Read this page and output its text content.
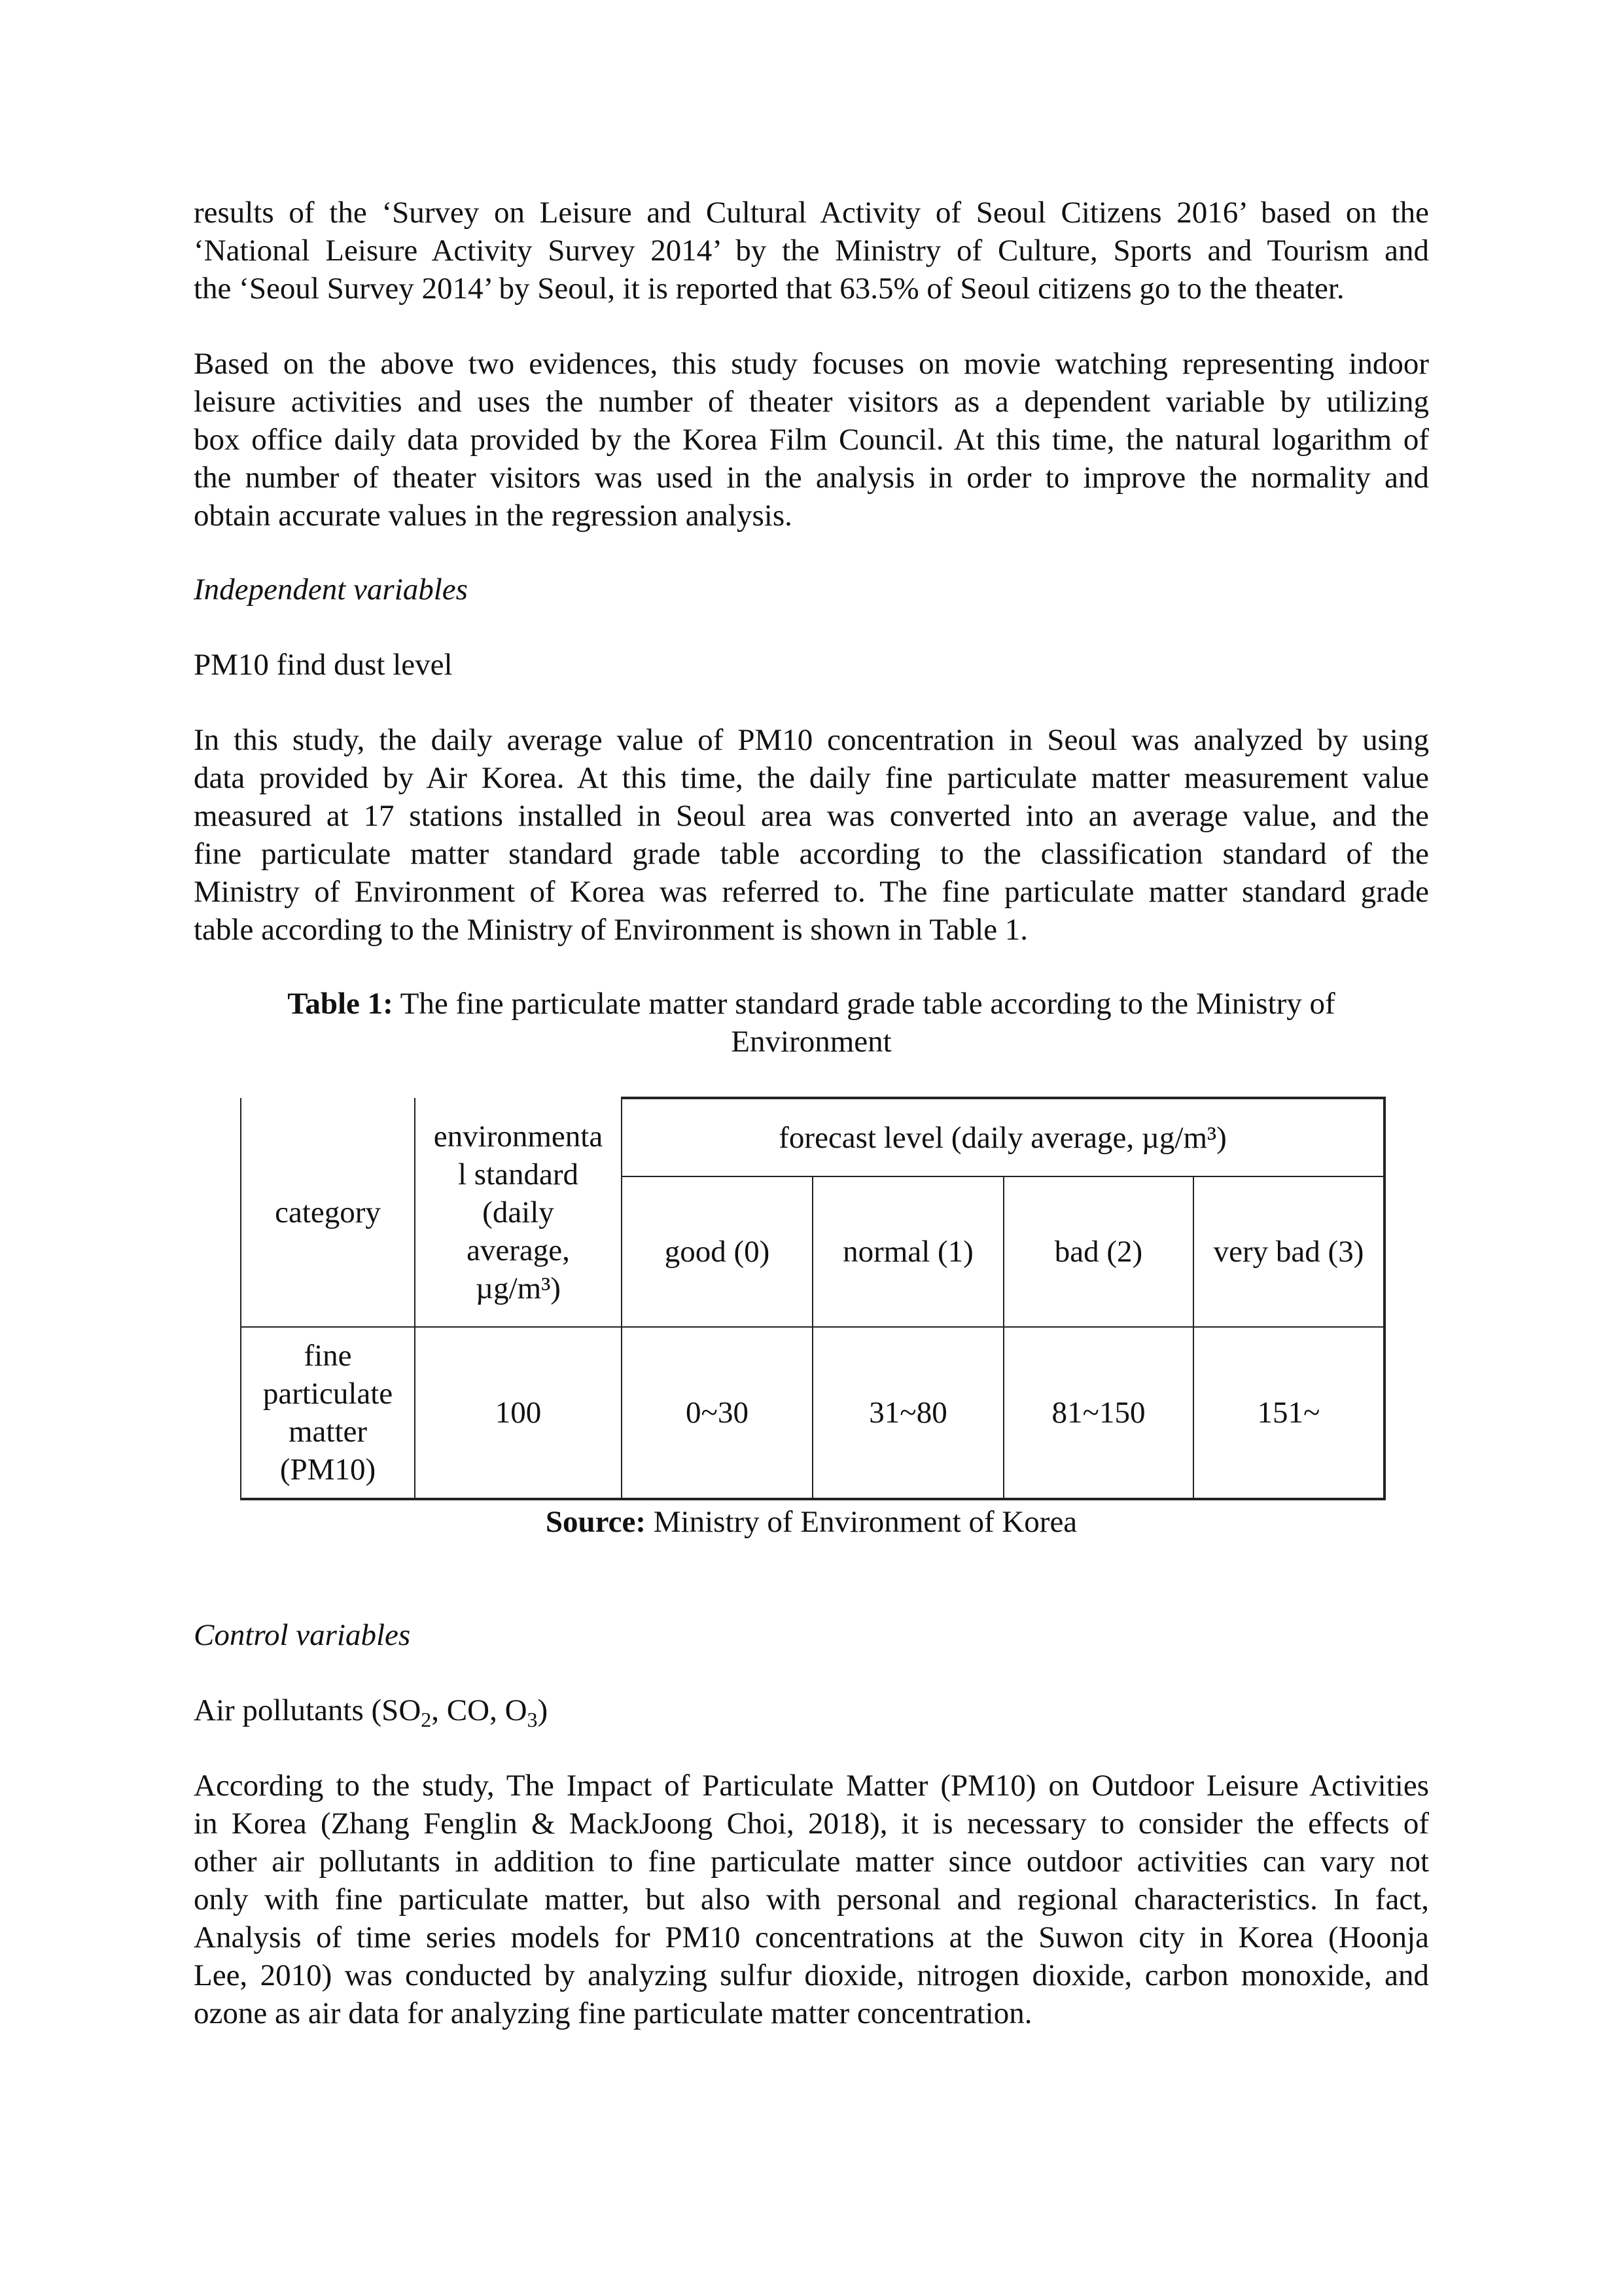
results of the ‘Survey on Leisure and Cultural Activity of Seoul Citizens 2016’ based on the
‘National Leisure Activity Survey 2014’ by the Ministry of Culture, Sports and Tourism and
the ‘Seoul Survey 2014’ by Seoul, it is reported that 63.5% of Seoul citizens go to the theater.
Based on the above two evidences, this study focuses on movie watching representing indoor
leisure activities and uses the number of theater visitors as a dependent variable by utilizing
box office daily data provided by the Korea Film Council. At this time, the natural logarithm of
the number of theater visitors was used in the analysis in order to improve the normality and
obtain accurate values in the regression analysis.

Independent variables

PM10 find dust level

In this study, the daily average value of PM10 concentration in Seoul was analyzed by using
data provided by Air Korea. At this time, the daily fine particulate matter measurement value
measured at 17 stations installed in Seoul area was converted into an average value, and the
fine particulate matter standard grade table according to the classification standard of the
Ministry of Environment of Korea was referred to. The fine particulate matter standard grade
table according to the Ministry of Environment is shown in Table 1.
Table 1: The fine particulate matter standard grade table according to the Ministry of
Environment
category	environmenta
l standard
(daily
average,
µg/m³)	forecast level (daily average, µg/m³)			
		good (0)	normal (1)	bad (2)	very bad (3)

fine
particulate
matter
(PM10)	100	0~30	31~80	81~150	151~

Source: Ministry of Environment of Korea

Control variables

Air pollutants ($SO_2$, CO, $O_3$)

According to the study, The Impact of Particulate Matter (PM10) on Outdoor Leisure Activities
in Korea (Zhang Fenglin & MackJoong Choi, 2018), it is necessary to consider the effects of
other air pollutants in addition to fine particulate matter since outdoor activities can vary not
only with fine particulate matter, but also with personal and regional characteristics. In fact,
Analysis of time series models for PM10 concentrations at the Suwon city in Korea (Hoonja
Lee, 2010) was conducted by analyzing sulfur dioxide, nitrogen dioxide, carbon monoxide, and
ozone as air data for analyzing fine particulate matter concentration.
